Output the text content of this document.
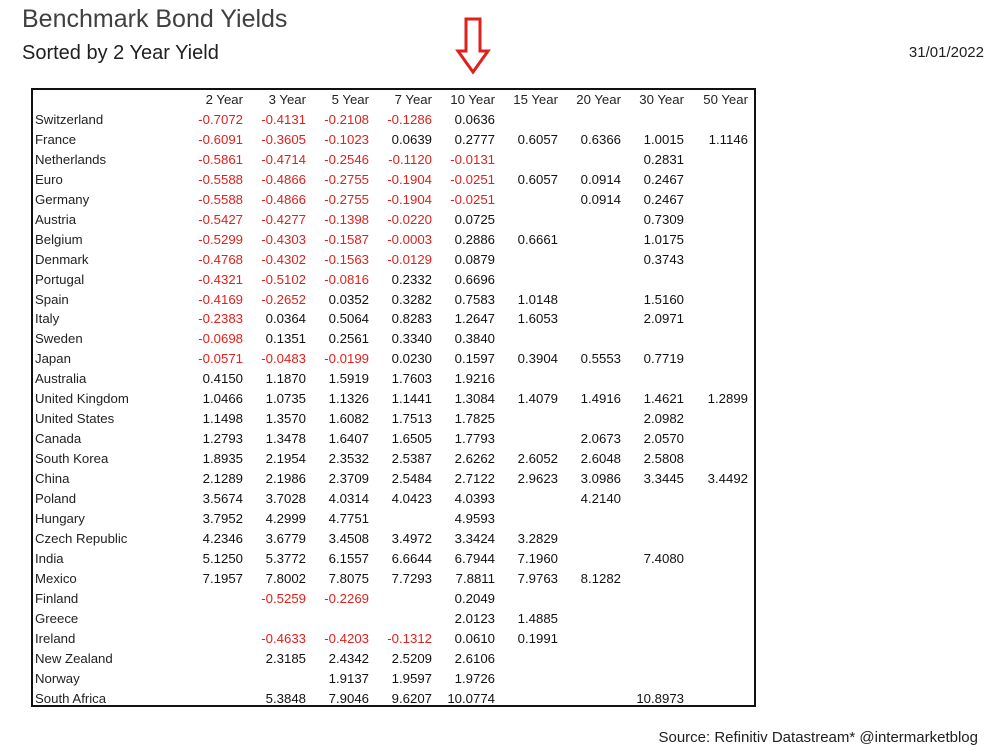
Benchmark Bond Yields
Sorted by 2 Year Yield	31/01/2022
	2 Year	3 Year	5 Year	7 Year	10 Year	15 Year	20 Year	30 Year	50 Year
Switzerland	-0.7072	-0.4131	-0.2108	-0.1286	0.0636				
France	-0.6091	-0.3605	-0.1023	0.0639	0.2777	0.6057	0.6366	1.0015	1.1146
Netherlands	-0.5861	-0.4714	-0.2546	-0.1120	-0.0131			0.2831	
Euro	-0.5588	-0.4866	-0.2755	-0.1904	-0.0251	0.6057	0.0914	0.2467	
Germany	-0.5588	-0.4866	-0.2755	-0.1904	-0.0251		0.0914	0.2467	
Austria	-0.5427	-0.4277	-0.1398	-0.0220	0.0725			0.7309	
Belgium	-0.5299	-0.4303	-0.1587	-0.0003	0.2886	0.6661		1.0175	
Denmark	-0.4768	-0.4302	-0.1563	-0.0129	0.0879			0.3743	
Portugal	-0.4321	-0.5102	-0.0816	0.2332	0.6696				
Spain	-0.4169	-0.2652	0.0352	0.3282	0.7583	1.0148		1.5160	
Italy	-0.2383	0.0364	0.5064	0.8283	1.2647	1.6053		2.0971	
Sweden	-0.0698	0.1351	0.2561	0.3340	0.3840				
Japan	-0.0571	-0.0483	-0.0199	0.0230	0.1597	0.3904	0.5553	0.7719	
Australia	0.4150	1.1870	1.5919	1.7603	1.9216				
United Kingdom	1.0466	1.0735	1.1326	1.1441	1.3084	1.4079	1.4916	1.4621	1.2899
United States	1.1498	1.3570	1.6082	1.7513	1.7825			2.0982	
Canada	1.2793	1.3478	1.6407	1.6505	1.7793		2.0673	2.0570	
South Korea	1.8935	2.1954	2.3532	2.5387	2.6262	2.6052	2.6048	2.5808	
China	2.1289	2.1986	2.3709	2.5484	2.7122	2.9623	3.0986	3.3445	3.4492
Poland	3.5674	3.7028	4.0314	4.0423	4.0393		4.2140		
Hungary	3.7952	4.2999	4.7751		4.9593				
Czech Republic	4.2346	3.6779	3.4508	3.4972	3.3424	3.2829			
India	5.1250	5.3772	6.1557	6.6644	6.7944	7.1960		7.4080	
Mexico	7.1957	7.8002	7.8075	7.7293	7.8811	7.9763	8.1282		
Finland		-0.5259	-0.2269		0.2049				
Greece					2.0123	1.4885			
Ireland		-0.4633	-0.4203	-0.1312	0.0610	0.1991			
New Zealand		2.3185	2.4342	2.5209	2.6106				
Norway			1.9137	1.9597	1.9726				
South Africa		5.3848	7.9046	9.6207	10.0774			10.8973	
Source: Refinitiv Datastream* @intermarketblog
